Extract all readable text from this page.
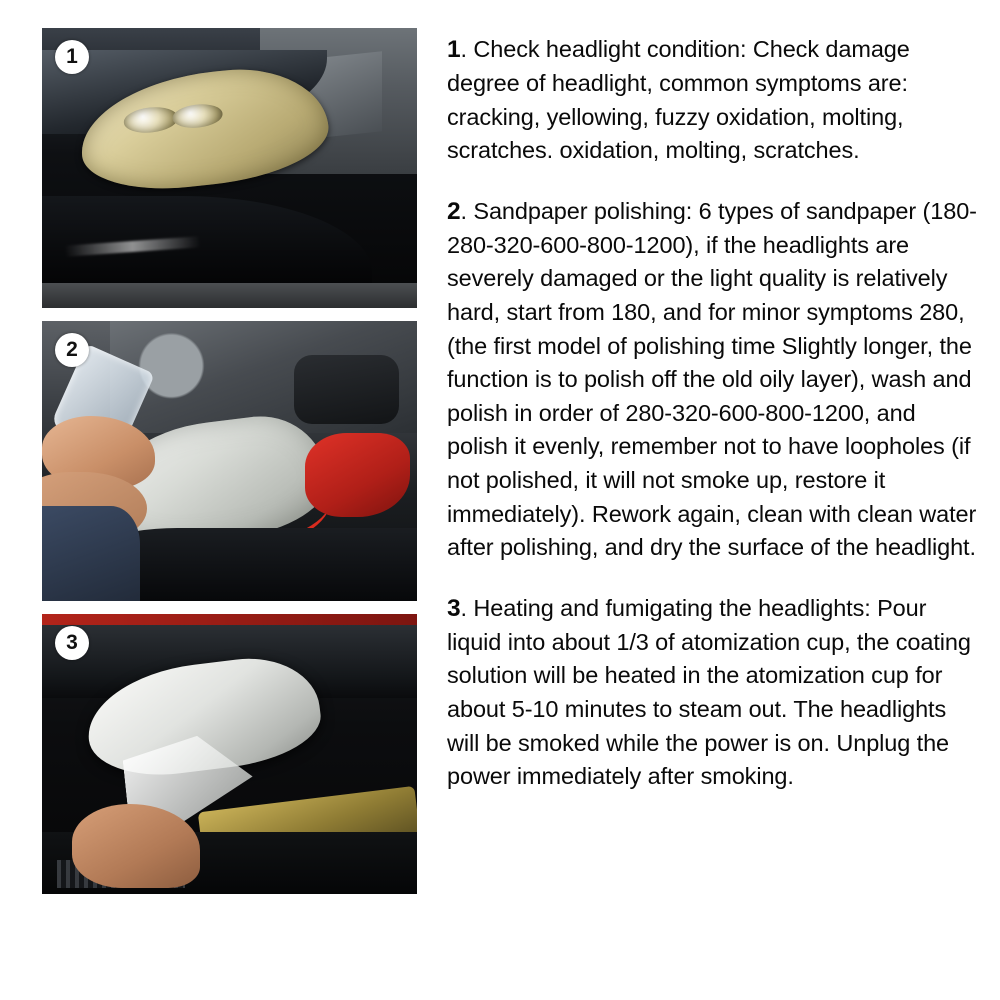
1
2
3

1. Check headlight condition: Check damage degree of headlight, common symptoms are: cracking, yellowing, fuzzy oxidation, molting, scratches. oxidation, molting, scratches.

2. Sandpaper polishing: 6 types of sandpaper (180-280-320-600-800-1200), if the headlights are severely damaged or the light quality is relatively hard, start from 180, and for minor symptoms 280, (the first model of polishing time Slightly longer, the function is to polish off the old oily layer), wash and polish in order of 280-320-600-800-1200, and polish it evenly, remember not to have loopholes (if not polished, it will not smoke up, restore it immediately). Rework again, clean with clean water after polishing, and dry the surface of the headlight.

3. Heating and fumigating the headlights: Pour liquid into about 1/3 of atomization cup, the coating solution will be heated in the atomization cup for about 5-10 minutes to steam out. The headlights will be smoked while the power is on. Unplug the power immediately after smoking.
